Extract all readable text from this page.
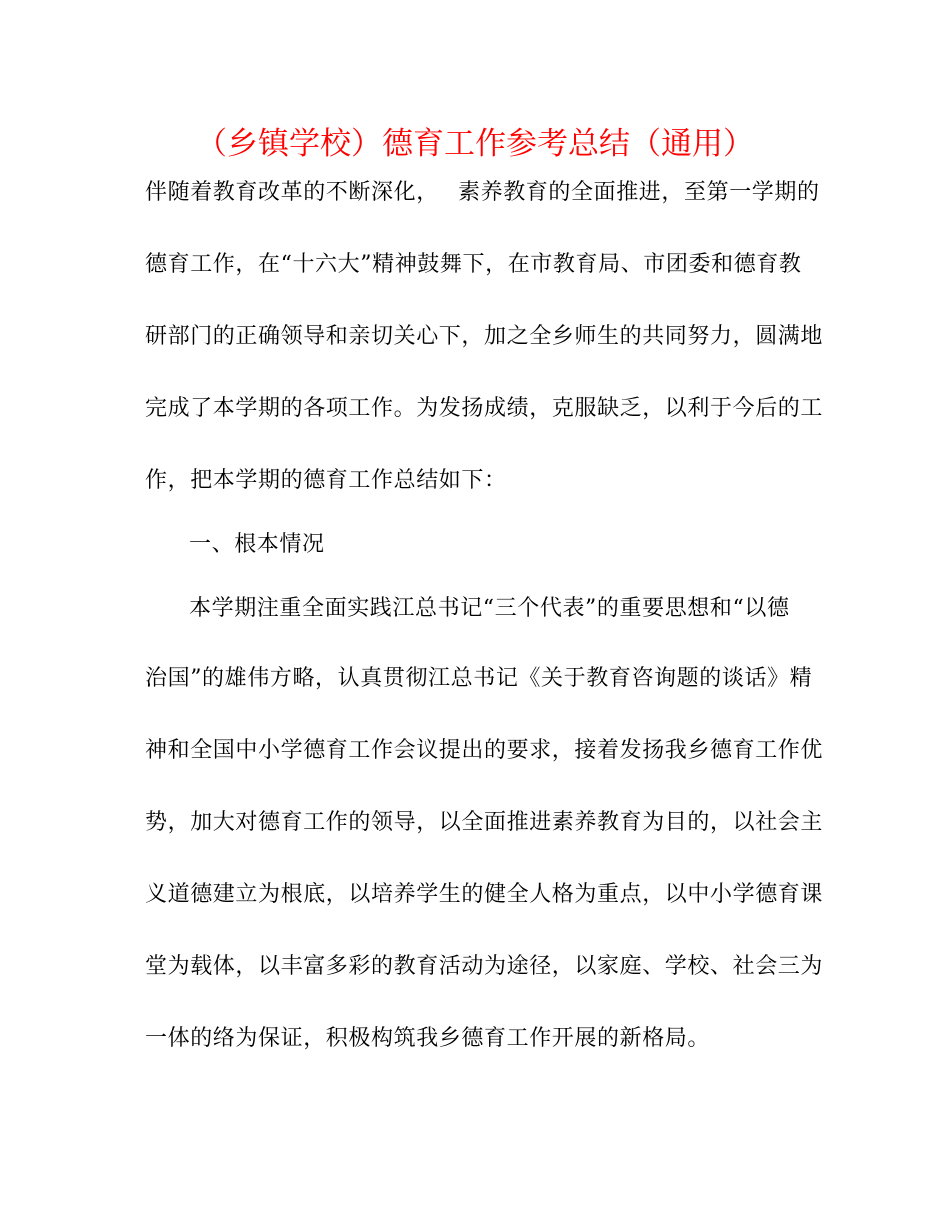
（乡镇学校）德育工作参考总结（通用）
伴随着教育改革的不断深化，　 素养教育的全面推进，至第一学期的
德育工作，在“十六大”精神鼓舞下，在市教育局、市团委和德育教
研部门的正确领导和亲切关心下，加之全乡师生的共同努力，圆满地
完成了本学期的各项工作。为发扬成绩，克服缺乏，以利于今后的工
作，把本学期的德育工作总结如下：
一、根本情况
本学期注重全面实践江总书记“三个代表”的重要思想和“以德
治国”的雄伟方略，认真贯彻江总书记《关于教育咨询题的谈话》精
神和全国中小学德育工作会议提出的要求，接着发扬我乡德育工作优
势，加大对德育工作的领导，以全面推进素养教育为目的，以社会主
义道德建立为根底，以培养学生的健全人格为重点，以中小学德育课
堂为载体，以丰富多彩的教育活动为途径，以家庭、学校、社会三为
一体的络为保证，积极构筑我乡德育工作开展的新格局。
